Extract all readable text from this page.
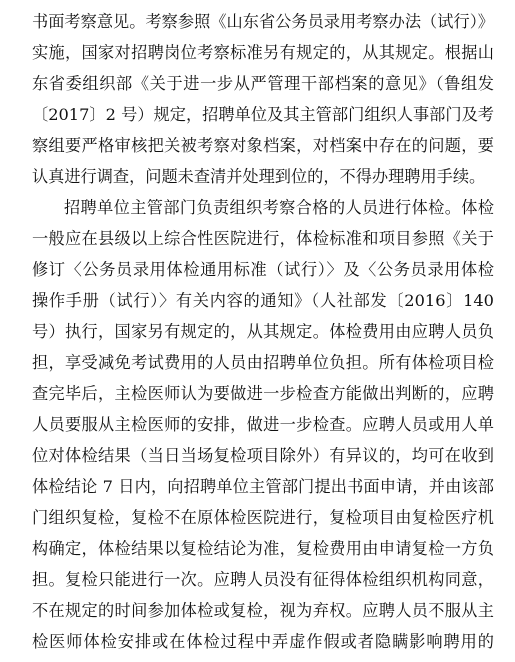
书面考察意见。考察参照《山东省公务员录用考察办法（试行）》
实施，国家对招聘岗位考察标准另有规定的，从其规定。根据山
东省委组织部《关于进一步从严管理干部档案的意见》（鲁组发
〔2017〕2 号）规定，招聘单位及其主管部门组织人事部门及考
察组要严格审核把关被考察对象档案，对档案中存在的问题，要
认真进行调查，问题未查清并处理到位的，不得办理聘用手续。
招聘单位主管部门负责组织考察合格的人员进行体检。体检
一般应在县级以上综合性医院进行，体检标准和项目参照《关于
修订〈公务员录用体检通用标准（试行）〉及〈公务员录用体检
操作手册（试行）〉有关内容的通知》（人社部发〔2016〕140
号）执行，国家另有规定的，从其规定。体检费用由应聘人员负
担，享受减免考试费用的人员由招聘单位负担。所有体检项目检
查完毕后，主检医师认为要做进一步检查方能做出判断的，应聘
人员要服从主检医师的安排，做进一步检查。应聘人员或用人单
位对体检结果（当日当场复检项目除外）有异议的，均可在收到
体检结论 7 日内，向招聘单位主管部门提出书面申请，并由该部
门组织复检，复检不在原体检医院进行，复检项目由复检医疗机
构确定，体检结果以复检结论为准，复检费用由申请复检一方负
担。复检只能进行一次。应聘人员没有征得体检组织机构同意，
不在规定的时间参加体检或复检，视为弃权。应聘人员不服从主
检医师体检安排或在体检过程中弄虚作假或者隐瞒影响聘用的
